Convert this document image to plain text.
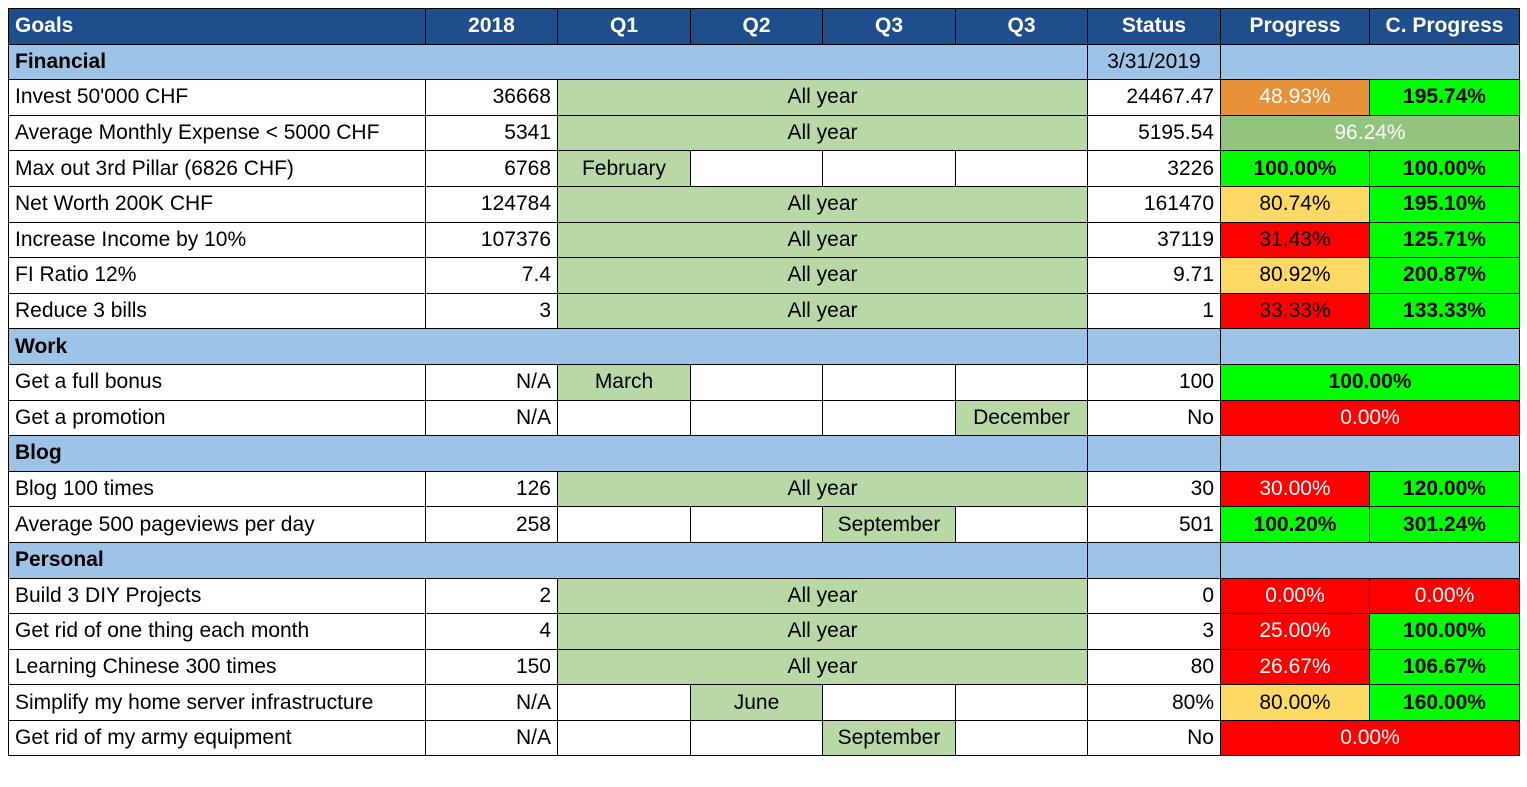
Goals	2018	Q1	Q2	Q3	Q3	Status	Progress	C. Progress
Financial						3/31/2019		
Invest 50'000 CHF	36668	All year				24467.47	48.93%	195.74%
Average Monthly Expense < 5000 CHF	5341	All year				5195.54	96.24%	
Max out 3rd Pillar (6826 CHF)	6768	February				3226	100.00%	100.00%
Net Worth 200K CHF	124784	All year				161470	80.74%	195.10%
Increase Income by 10%	107376	All year				37119	31.43%	125.71%
FI Ratio 12%	7.4	All year				9.71	80.92%	200.87%
Reduce 3 bills	3	All year				1	33.33%	133.33%
Work								
Get a full bonus	N/A	March				100	100.00%	
Get a promotion	N/A				December	No	0.00%	
Blog								
Blog 100 times	126	All year				30	30.00%	120.00%
Average 500 pageviews per day	258			September		501	100.20%	301.24%
Personal								
Build 3 DIY Projects	2	All year				0	0.00%	0.00%
Get rid of one thing each month	4	All year				3	25.00%	100.00%
Learning Chinese 300 times	150	All year				80	26.67%	106.67%
Simplify my home server infrastructure	N/A		June			80%	80.00%	160.00%
Get rid of my army equipment	N/A			September		No	0.00%	
